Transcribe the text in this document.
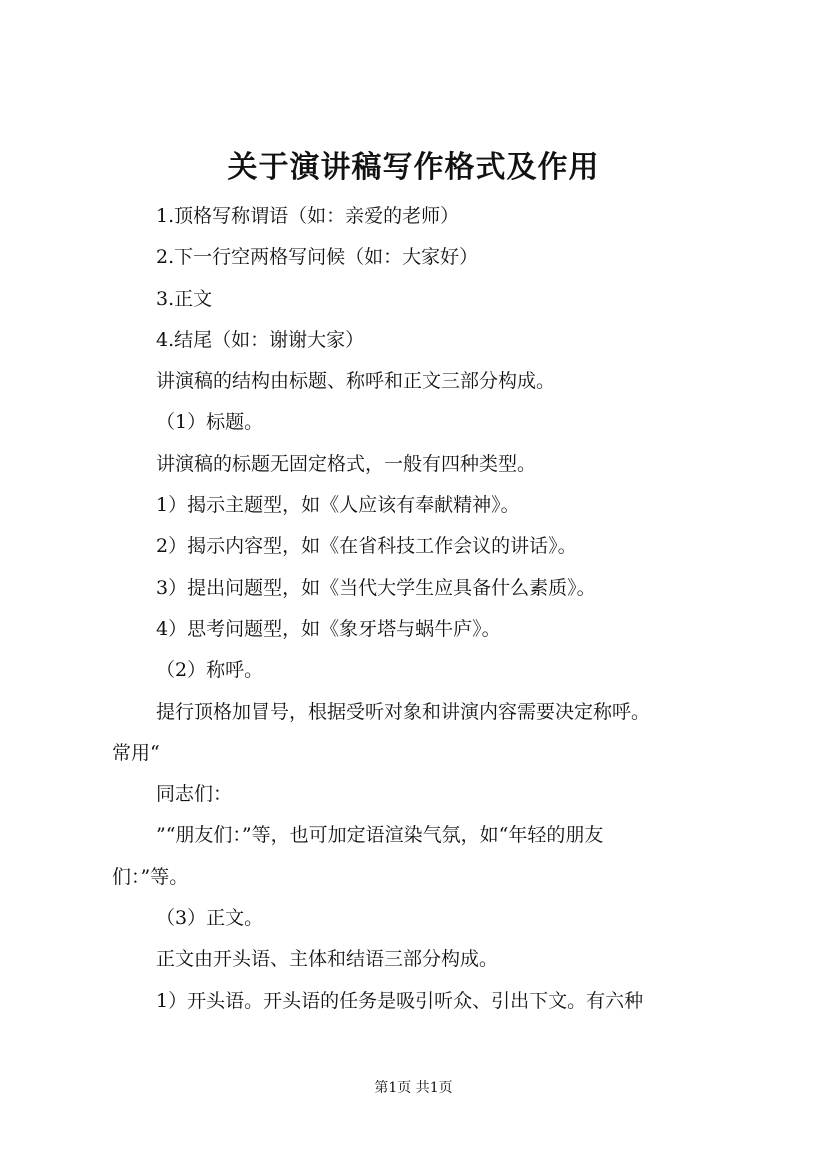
关于演讲稿写作格式及作用

1.顶格写称谓语（如：亲爱的老师）

2.下一行空两格写问候（如：大家好）

3.正文

4.结尾（如：谢谢大家）

讲演稿的结构由标题、称呼和正文三部分构成。

（1）标题。

讲演稿的标题无固定格式，一般有四种类型。

1）揭示主题型，如《人应该有奉献精神》。

2）揭示内容型，如《在省科技工作会议的讲话》。

3）提出问题型，如《当代大学生应具备什么素质》。

4）思考问题型，如《象牙塔与蜗牛庐》。

（2）称呼。

提行顶格加冒号，根据受听对象和讲演内容需要决定称呼。

常用“

同志们：

”“朋友们：”等，也可加定语渲染气氛，如“年轻的朋友

们：”等。

（3）正文。

正文由开头语、主体和结语三部分构成。

1）开头语。开头语的任务是吸引听众、引出下文。有六种

第1页 共1页
